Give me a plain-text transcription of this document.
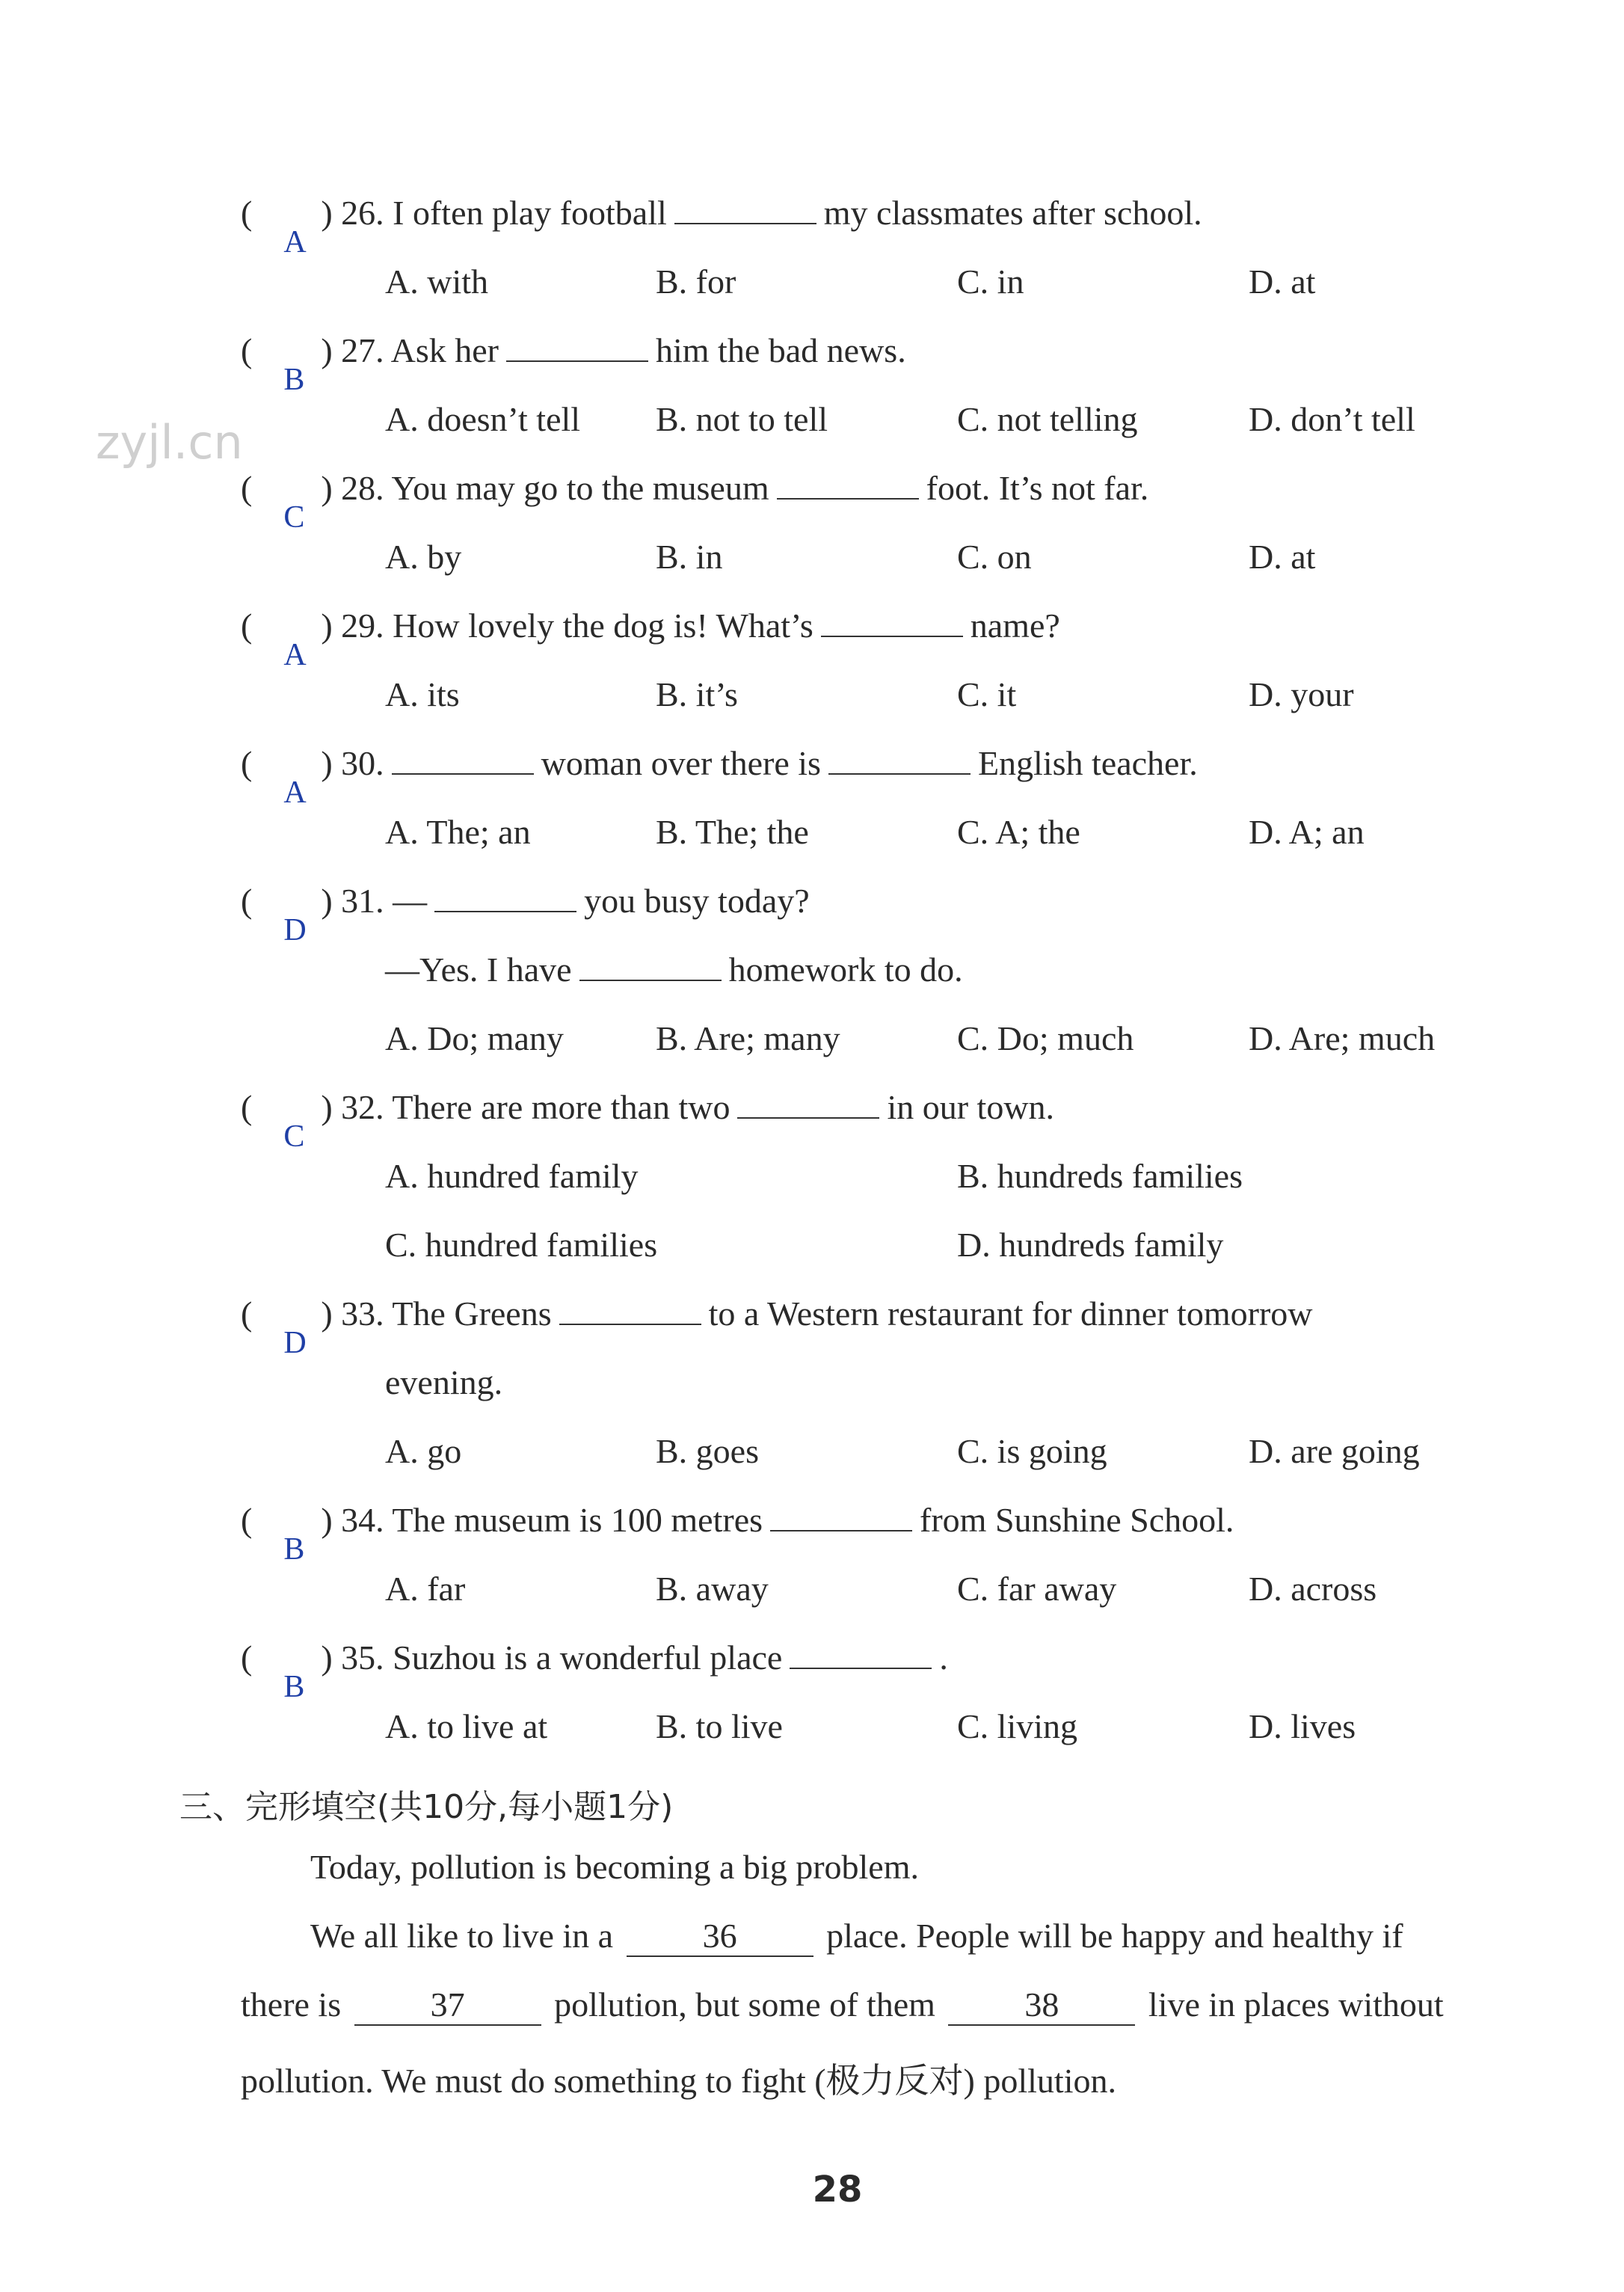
zyjl.cn
(
A
) 26. I often play football	my classmates after school.
A. with	B. for	C. in	D. at
(
B
) 27. Ask her	him the bad news.
A. doesn’t tell B. not to tell	C. not telling	D. don’t tell
(
C
) 28. You may go to the museum	foot. It’s not far.
A. by	B. in	C. on	D. at
(
A
) 29. How lovely the dog is! What’s	name?
A. its	B. it’s	C. it	D. your
(
A
) 30.	woman over there is	English teacher.
A. The; an	B. The; the	C. A; the	D. A; an
(
D
) 31. —	you busy today?
—Yes. I have	homework to do.
A. Do; many	B. Are; many	C. Do; much	D. Are; much
(
C
) 32. There are more than two	in our town.
A. hundred family	B. hundreds families
C. hundred families	D. hundreds family
(
D
) 33. The Greens	to a Western restaurant for dinner tomorrow
evening.
A. go	B. goes	C. is going	D. are going
(
B
) 34. The museum is 100 metres	from Sunshine School.
A. far	B. away	C. far away	D. across
(
B
) 35. Suzhou is a wonderful place	.
A. to live at	B. to live	C. living	D. lives
三、完形填空(共10分,每小题1分)
Today, pollution is becoming a big problem.
We all like to live in a	36	place. People will be happy and healthy if
there is	37	pollution, but some of them	38	live in places without
pollution. We must do something to fight (极力反对) pollution.
28
